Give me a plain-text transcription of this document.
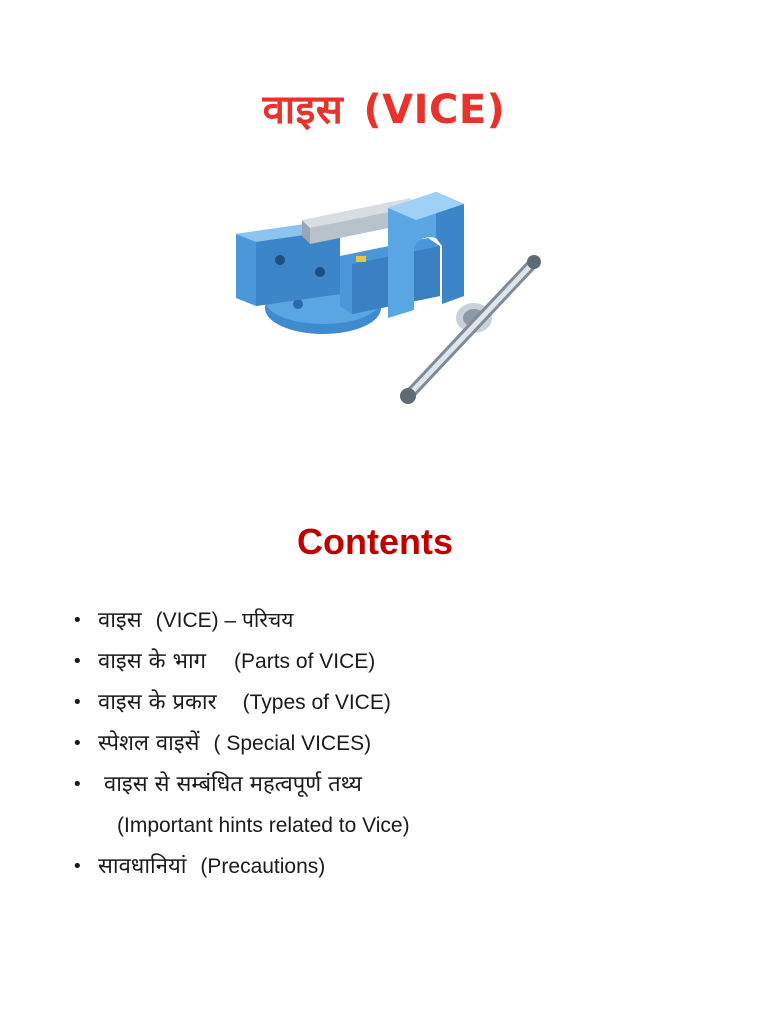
वाइस (VICE)
Contents
• वाइस (VICE) – परिचय
• वाइस के भाग (Parts of VICE)
• वाइस के प्रकार (Types of VICE)
• स्पेशल वाइसें ( Special VICES)
• वाइस से सम्बंधित महत्वपूर्ण तथ्य
(Important hints related to Vice)
• सावधानियां (Precautions)
